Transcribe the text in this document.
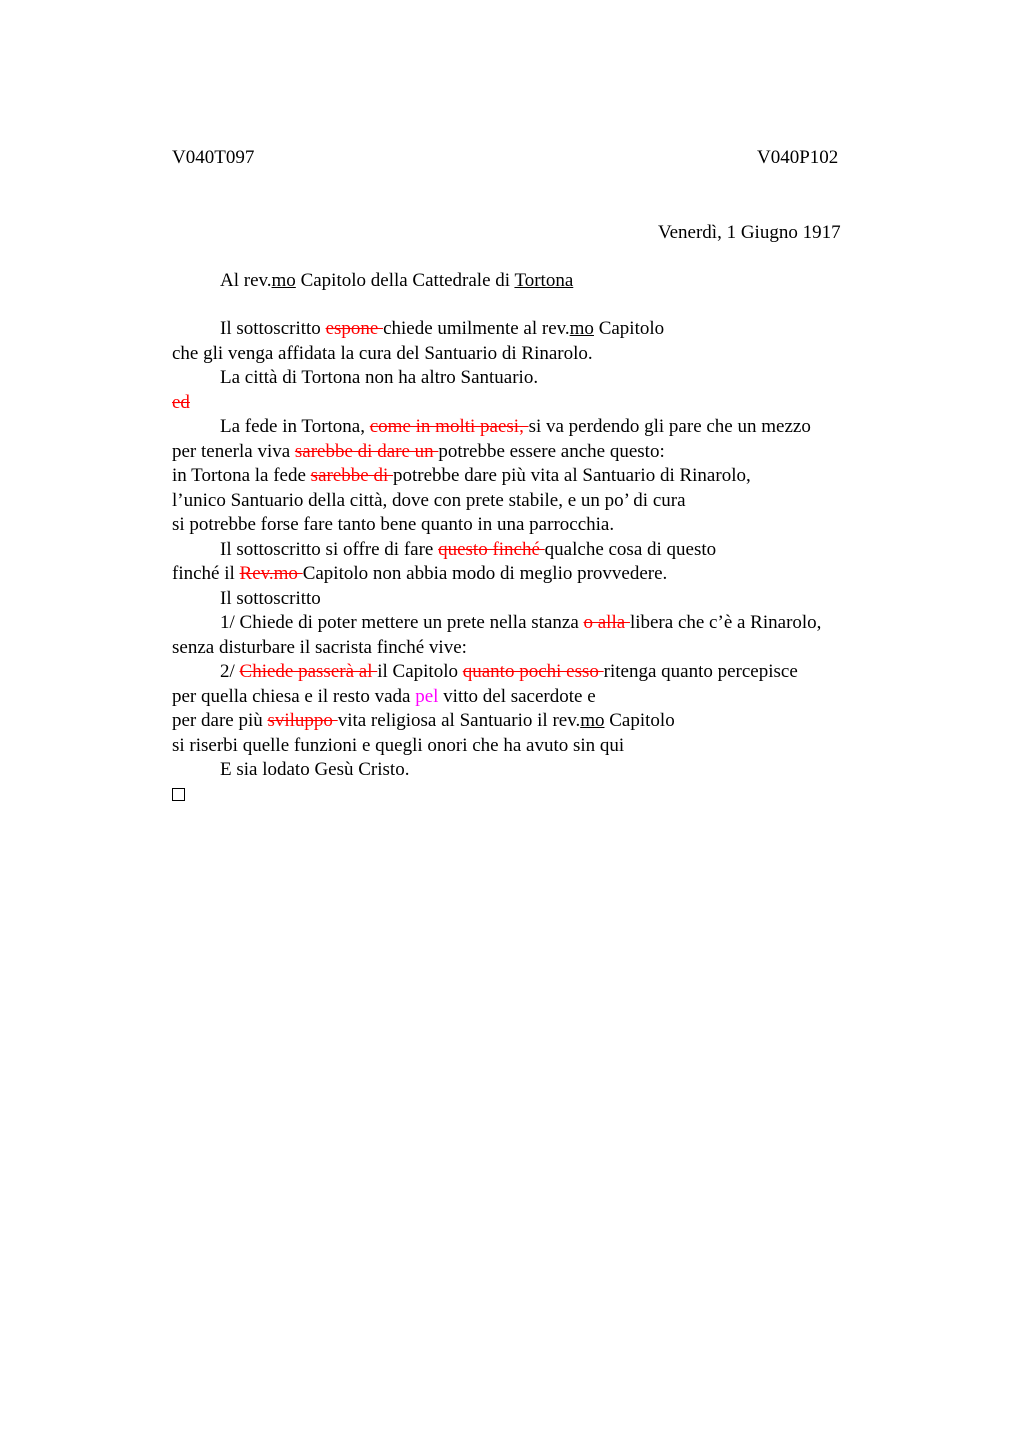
V040T097	V040P102
Venerdì, 1 Giugno 1917
Al rev.mo Capitolo della Cattedrale di Tortona
Il sottoscritto espone chiede umilmente al rev.mo Capitolo
che gli venga affidata la cura del Santuario di Rinarolo.
La città di Tortona non ha altro Santuario.
ed
La fede in Tortona, come in molti paesi, si va perdendo gli pare che un mezzo
per tenerla viva sarebbe di dare un potrebbe essere anche questo:
in Tortona la fede sarebbe di potrebbe dare più vita al Santuario di Rinarolo,
l’unico Santuario della città, dove con prete stabile, e un po’ di cura
si potrebbe forse fare tanto bene quanto in una parrocchia.
Il sottoscritto si offre di fare questo finché qualche cosa di questo
finché il Rev.mo Capitolo non abbia modo di meglio provvedere.
Il sottoscritto
1/ Chiede di poter mettere un prete nella stanza o alla libera che c’è a Rinarolo,
senza disturbare il sacrista finché vive:
2/ Chiede passerà al il Capitolo quanto pochi esso ritenga quanto percepisce
per quella chiesa e il resto vada pel vitto del sacerdote e
per dare più sviluppo vita religiosa al Santuario il rev.mo Capitolo
si riserbi quelle funzioni e quegli onori che ha avuto sin qui
E sia lodato Gesù Cristo.
